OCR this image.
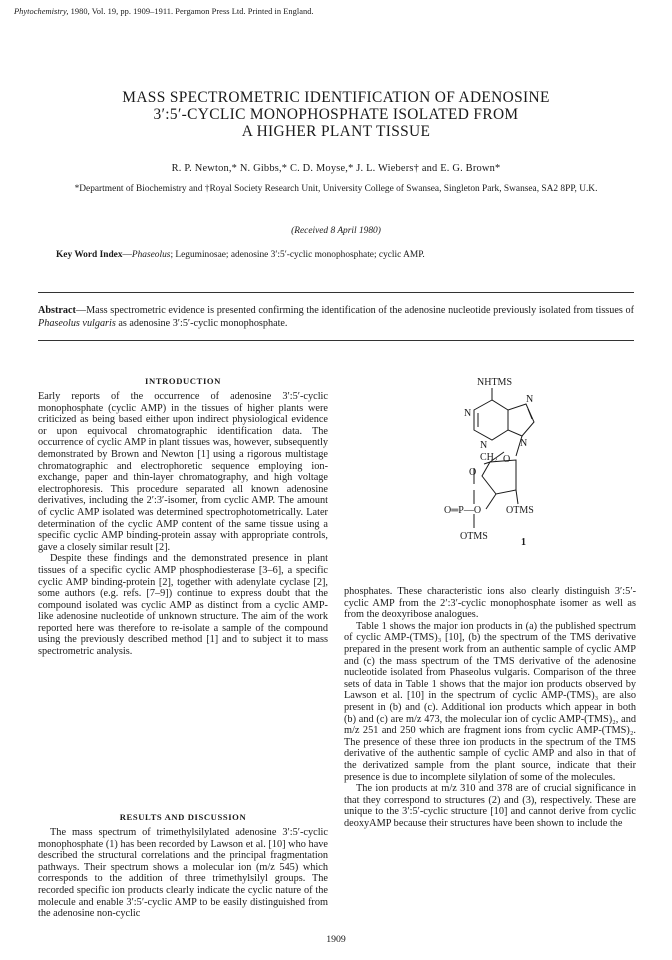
Phytochemistry, 1980, Vol. 19, pp. 1909–1911. Pergamon Press Ltd. Printed in England.
MASS SPECTROMETRIC IDENTIFICATION OF ADENOSINE
3′:5′-CYCLIC MONOPHOSPHATE ISOLATED FROM
A HIGHER PLANT TISSUE
R. P. Newton,* N. Gibbs,* C. D. Moyse,* J. L. Wiebers† and E. G. Brown*
*Department of Biochemistry and †Royal Society Research Unit, University College of Swansea, Singleton Park, Swansea, SA2 8PP, U.K.
(Received 8 April 1980)
Key Word Index—Phaseolus; Leguminosae; adenosine 3′:5′-cyclic monophosphate; cyclic AMP.
Abstract—Mass spectrometric evidence is presented confirming the identification of the adenosine nucleotide previously isolated from tissues of Phaseolus vulgaris as adenosine 3′:5′-cyclic monophosphate.
INTRODUCTION

Early reports of the occurrence of adenosine 3′:5′-cyclic monophosphate (cyclic AMP) in the tissues of higher plants were criticized as being based either upon indirect physiological evidence or upon equivocal chromatographic identification data. The occurrence of cyclic AMP in plant tissues was, however, subsequently demonstrated by Brown and Newton [1] using a rigorous multistage chromatographic and electrophoretic sequence employing ion-exchange, paper and thin-layer chromatography, and high voltage electrophoresis. This procedure separated all known adenosine derivatives, including the 2′:3′-isomer, from cyclic AMP. The amount of cyclic AMP isolated was determined spectrophotometrically. Later determination of the cyclic AMP content of the same tissue using a specific cyclic AMP binding-protein assay with appropriate controls, gave a closely similar result [2].

Despite these findings and the demonstrated presence in plant tissues of a specific cyclic AMP phosphodiesterase [3–6], a specific cyclic AMP binding-protein [2], together with adenylate cyclase [2], some authors (e.g. refs. [7–9]) continue to express doubt that the compound isolated was cyclic AMP as distinct from a cyclic AMP-like adenosine nucleotide of unknown structure. The aim of the work reported here was therefore to re-isolate a sample of the compound using the previously described method [1] and to subject it to mass spectrometric analysis.

RESULTS AND DISCUSSION

The mass spectrum of trimethylsilylated adenosine 3′:5′-cyclic monophosphate (1) has been recorded by Lawson et al. [10] who have described the structural correlations and the principal fragmentation pathways. Their spectrum shows a molecular ion (m/z 545) which corresponds to the addition of three trimethylsilyl groups. The recorded specific ion products clearly indicate the cyclic nature of the molecule and enable 3′:5′-cyclic AMP to be easily distinguished from the adenosine non-cyclic

NHTMS
N
N
N
N
CH₂ O
O
O═P—O OTMS
OTMS
1

phosphates. These characteristic ions also clearly distinguish 3′:5′-cyclic AMP from the 2′:3′-cyclic monophosphate isomer as well as from the deoxyribose analogues.

Table 1 shows the major ion products in (a) the published spectrum of cyclic AMP-(TMS)₃ [10], (b) the spectrum of the TMS derivative prepared in the present work from an authentic sample of cyclic AMP and (c) the mass spectrum of the TMS derivative of the adenosine nucleotide isolated from Phaseolus vulgaris. Comparison of the three sets of data in Table 1 shows that the major ion products observed by Lawson et al. [10] in the spectrum of cyclic AMP-(TMS)₃ are also present in (b) and (c). Additional ion products which appear in both (b) and (c) are m/z 473, the molecular ion of cyclic AMP-(TMS)₂, and m/z 251 and 250 which are fragment ions from cyclic AMP-(TMS)₂. The presence of these three ion products in the spectrum of the TMS derivative of the authentic sample of cyclic AMP and also in that of the derivatized sample from the plant source, indicate that their presence is due to incomplete silylation of some of the molecules.

The ion products at m/z 310 and 378 are of crucial significance in that they correspond to structures (2) and (3), respectively. These are unique to the 3′:5′-cyclic structure [10] and cannot derive from cyclic deoxyAMP because their structures have been shown to include the

1909
